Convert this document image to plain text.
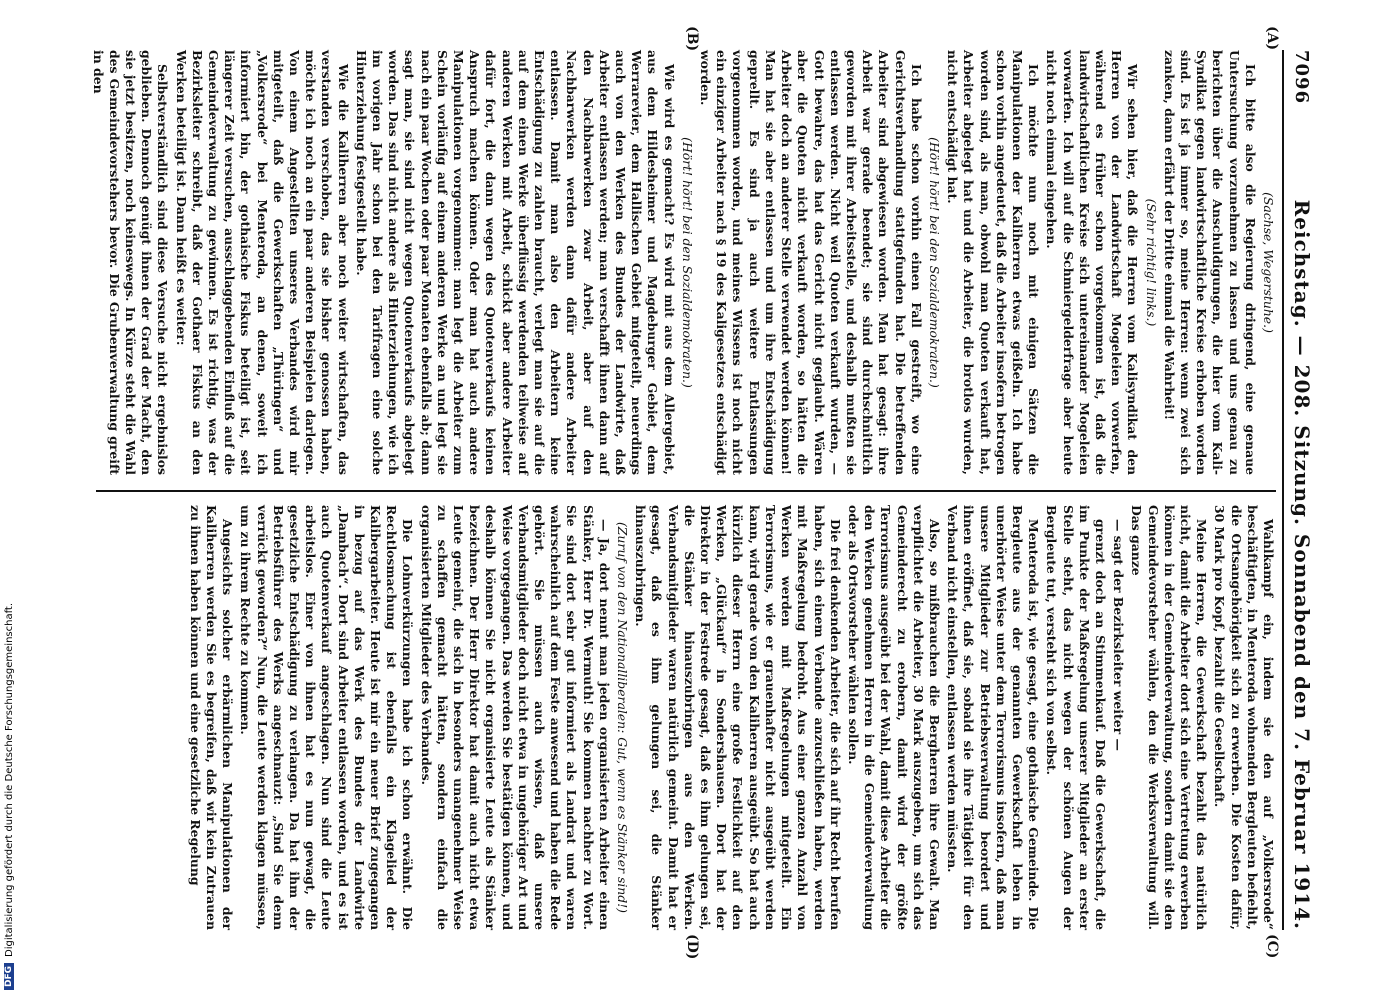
7096
Reichstag. — 208. Sitzung. Sonnabend den 7. Februar 1914.

(Sachse, Wegerstuhe.)

Ich bitte also die Regierung dringend, eine genaue Untersuchung vorzunehmen zu lassen und uns genau zu berichten über die Anschuldigungen, die hier vom Kali-Syndikat gegen landwirtschaftliche Kreise erhoben worden sind. Es ist ja immer so, meine Herren: wenn zwei sich zanken, dann erfährt der Dritte einmal die Wahrheit!

(Sehr richtig! links.)

Wir sehen hier, daß die Herren vom Kalisyndikat den Herren von der Landwirtschaft Mogeleien vorwerfen, während es früher schon vorgekommen ist, daß die landwirtschaftlichen Kreise sich untereinander Mogeleien vorwarfen. Ich will auf die Schmiergelderfrage aber heute nicht noch einmal eingehen.

Ich möchte nun noch mit einigen Sätzen die Manipulationen der Kaliherren etwas geißeln. Ich habe schon vorhin angedeutet, daß die Arbeiter insofern betrogen worden sind, als man, obwohl man Quoten verkauft hat, Arbeiter abgelegt hat und die Arbeiter, die brotlos wurden, nicht entschädigt hat.

(Hört! hört! bei den Sozialdemokraten.)

Ich habe schon vorhin einen Fall gestreift, wo eine Gerichtsverhandlung stattgefunden hat. Die betreffenden Arbeiter sind abgewiesen worden. Man hat gesagt: ihre Arbeit war gerade beendet; sie sind durchschnittlich geworden mit ihrer Arbeitsstelle, und deshalb mußten sie entlassen werden. Nicht weil Quoten verkauft wurden, — Gott bewahre, das hat das Gericht nicht geglaubt. Wären aber die Quoten nicht verkauft worden, so hätten die Arbeiter doch an anderer Stelle verwendet werden können! Man hat sie aber entlassen und um ihre Entschädigung geprellt. Es sind ja auch weitere Entlassungen vorgenommen worden, und meines Wissens ist noch nicht ein einziger Arbeiter nach § 19 des Kaligesetzes entschädigt worden.

(Hört! hört! bei den Sozialdemokraten.)

Wie wird es gemacht? Es wird mit aus dem Allergebiet, aus dem Hildesheimer und Magdeburger Gebiet, dem Werrarevier, dem Hallischen Gebiet mitgeteilt, neuerdings auch von den Werken des Bundes der Landwirte, daß Arbeiter entlassen werden; man verschafft ihnen dann auf den Nachbarwerken zwar Arbeit, aber auf den Nachbarwerken werden dann dafür andere Arbeiter entlassen. Damit man also den Arbeitern keine Entschädigung zu zahlen braucht, verlegt man sie auf die auf dem einen Werke überflüssig werdenden teilweise auf anderen Werken mit Arbeit, schickt aber andere Arbeiter dafür fort, die dann wegen des Quotenverkaufs keinen Anspruch machen können. Oder man hat auch andere Manipulationen vorgenommen: man legt die Arbeiter zum Schein vorläufig auf einem anderen Werke an und legt sie nach ein paar Wochen oder paar Monaten ebenfalls ab; dann sagt man, sie sind nicht wegen Quotenverkaufs abgelegt worden. Das sind nicht andere als Hinterziehungen, wie ich im vorigen Jahr schon bei den Tarifragen eine solche Hinterziehung festgestellt habe.

Wie die Kaliherren aber noch weiter wirtschaften, das verstanden verschoben, das sie bisher genossen haben, möchte ich noch an ein paar anderen Beispielen darlegen. Von einem Angestellten unseres Verbandes wird mir mitgeteilt, daß die Gewerkschaften „Thüringen“ und „Volkersrode“ bei Menteroda, an denen, soweit ich informiert bin, der gothaische Fiskus beteiligt ist, seit längerer Zeit versuchen, ausschlaggebenden Einfluß auf die Gemeindeverwaltung zu gewinnen. Es ist richtig, was der Bezirksleiter schreibt, daß der Gothaer Fiskus an den Werken beteiligt ist. Dann heißt es weiter:

Selbstverständlich sind diese Versuche nicht ergebnislos geblieben. Dennoch genügt ihnen der Grad der Macht, den sie jetzt besitzen, noch keineswegs. In Kürze steht die Wahl des Gemeindevorstehers bevor. Die Grubenverwaltung greift in den

Wahlkampf ein, indem sie den auf „Volkersrode“ beschäftigten, in Menteroda wohnenden Bergleuten befiehlt, die Ortsangehörigkeit sich zu erwerben. Die Kosten dafür, 30 Mark pro Kopf, bezahlt die Gesellschaft.

Meine Herren, die Gewerkschaft bezahlt das natürlich nicht, damit die Arbeiter dort sich eine Vertretung erwerben können in der Gemeindeverwaltung, sondern damit sie den Gemeindevorsteher wählen, den die Werksverwaltung will. Das ganze

— sagt der Bezirksleiter weiter —

grenzt doch an Stimmenkauf. Daß die Gewerkschaft, die im Punkte der Maßregelung unserer Mitglieder an erster Stelle steht, das nicht wegen der schönen Augen der Bergleute tut, versteht sich von selbst.

Menteroda ist, wie gesagt, eine gothaische Gemeinde. Die Bergleute aus der genannten Gewerkschaft leben in unerhörter Weise unter dem Terrorismus insofern, daß man unsere Mitglieder zur Betriebsverwaltung beordert und ihnen eröffnet, daß sie, sobald sie ihre Tätigkeit für den Verband nicht einstellen, entlassen werden müssten.

Also, so mißbrauchen die Bergherren ihre Gewalt. Man verpflichtet die Arbeiter, 30 Mark auszugeben, um sich das Gemeinderecht zu erobern, damit wird der größte Terrorismus ausgeübt bei der Wahl, damit diese Arbeiter die den Werken genehmen Herren in die Gemeindeverwaltung oder als Ortsvorsteher wählen sollen.

Die frei denkenden Arbeiter, die sich auf ihr Recht berufen haben, sich einem Verbande anzuschließen haben, werden mit Maßregelung bedroht. Aus einer ganzen Anzahl von Werken werden mit Maßregelungen mitgeteilt. Ein Terrorismus, wie er grauenhafter nicht ausgeübt werden kann, wird gerade von den Kaliherren ausgeübt. So hat auch kürzlich dieser Herrn eine große Festlichkeit auf den Werken, „Glückauf“ in Sondershausen. Dort hat der Direktor in der Festrede gesagt, daß es ihm gelungen sei, die Stänker hinauszubringen aus den Werken. Verbandsmitglieder waren natürlich gemeint. Damit hat er gesagt, daß es ihm gelungen sei, die Stänker hinauszubringen.

(Zuruf von den Nationalliberalen: Gut, wenn es Stänker sind!)

— Ja, dort nennt man jeden organisierten Arbeiter einen Stänker, Herr Dr. Wermuth! Sie kommen nachher zu Wort. Sie sind dort sehr gut informiert als Landrat und waren wahrscheinlich auf dem Feste anwesend und haben die Rede gehört. Sie müssen auch wissen, daß unsere Verbandsmitglieder doch nicht etwa in ungehöriger Art und Weise vorgegangen. Das werden Sie bestätigen können, und deshalb können Sie nicht organisierte Leute als Stänker bezeichnen. Der Herr Direktor hat damit auch nicht etwa Leute gemeint, die sich in besonders unangenehmer Weise zu schaffen gemacht hätten, sondern einfach die organisierten Mitglieder des Verbandes.

Die Lohnverkürzungen habe ich schon erwähnt. Die Rechtlosmachung ist ebenfalls ein Klagelied der Kalibergarbeiter. Heute ist mir ein neuer Brief zugegangen in bezug auf das Werk des Bundes der Landwirte „Dambach“. Dort sind Arbeiter entlassen worden, und es ist auch Quotenverkauf angeschlagen. Nun sind die Leute arbeitslos. Einer von ihnen hat es nun gewagt, die gesetzliche Entschädigung zu verlangen. Da hat ihm der Betriebsführer des Werks angeschnauzt: „Sind Sie denn verrückt geworden?“ Nun, die Leute werden klagen müssen, um zu ihrem Rechte zu kommen.

Angesichts solcher erbärmlichen Manipulationen der Kaliherren werden Sie es begreifen, daß wir kein Zutrauen zu ihnen haben können und eine gesetzliche Regelung

(A)
(B)
(C)
(D)
DFG
Digitalisierung gefördert durch die Deutsche Forschungsgemeinschaft.
